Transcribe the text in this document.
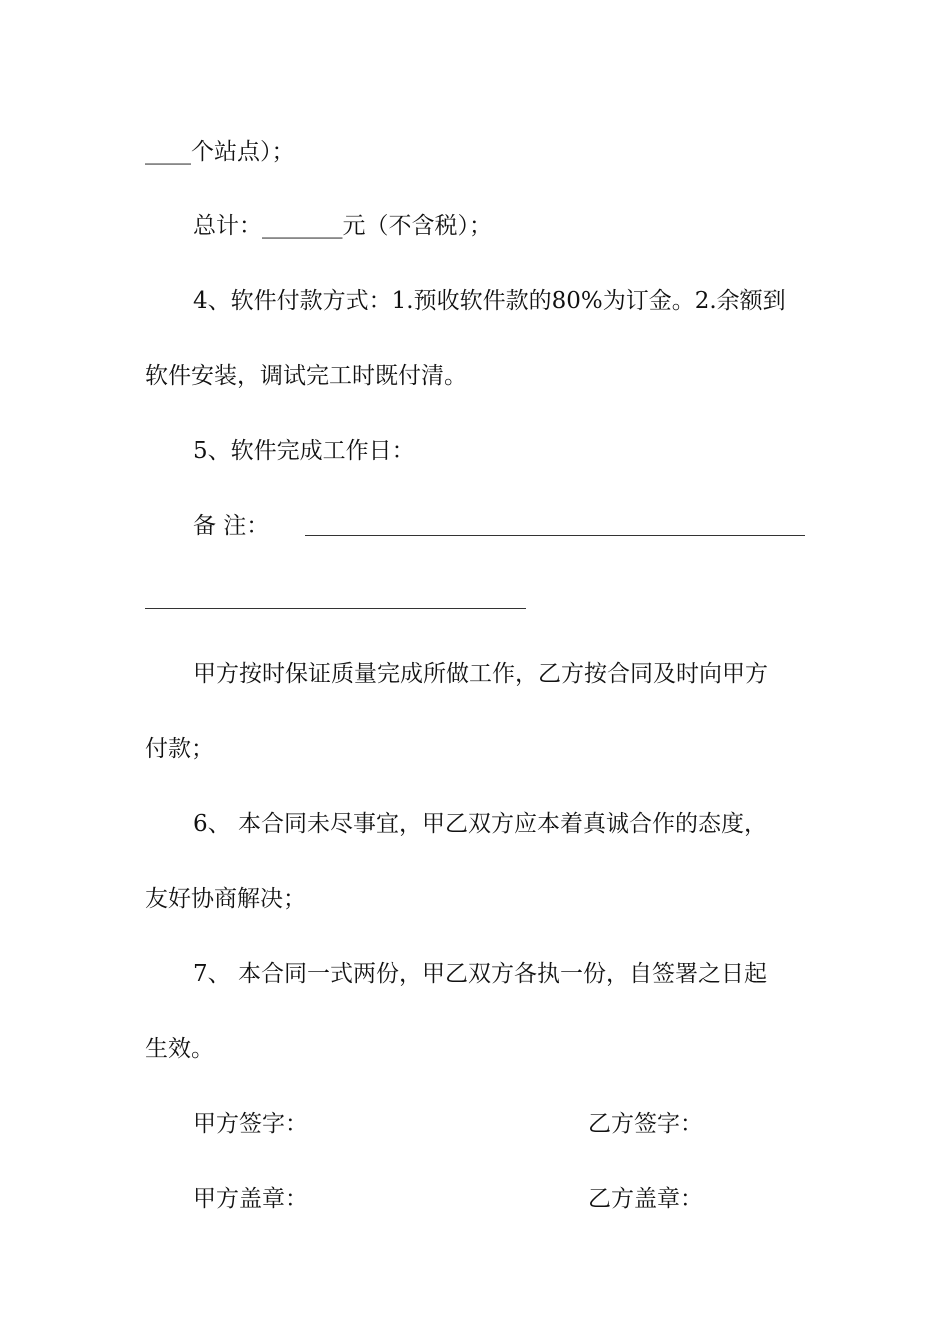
____个站点）；
总计：_______元（不含税）；
4、软件付款方式：1.预收软件款的80%为订金。2.余额到
软件安装，调试完工时既付清。
5、软件完成工作日：
备 注：
甲方按时保证质量完成所做工作，乙方按合同及时向甲方
付款；
6、 本合同未尽事宜，甲乙双方应本着真诚合作的态度，
友好协商解决；
7、 本合同一式两份，甲乙双方各执一份，自签署之日起
生效。
甲方签字：	乙方签字：
甲方盖章：	乙方盖章：
